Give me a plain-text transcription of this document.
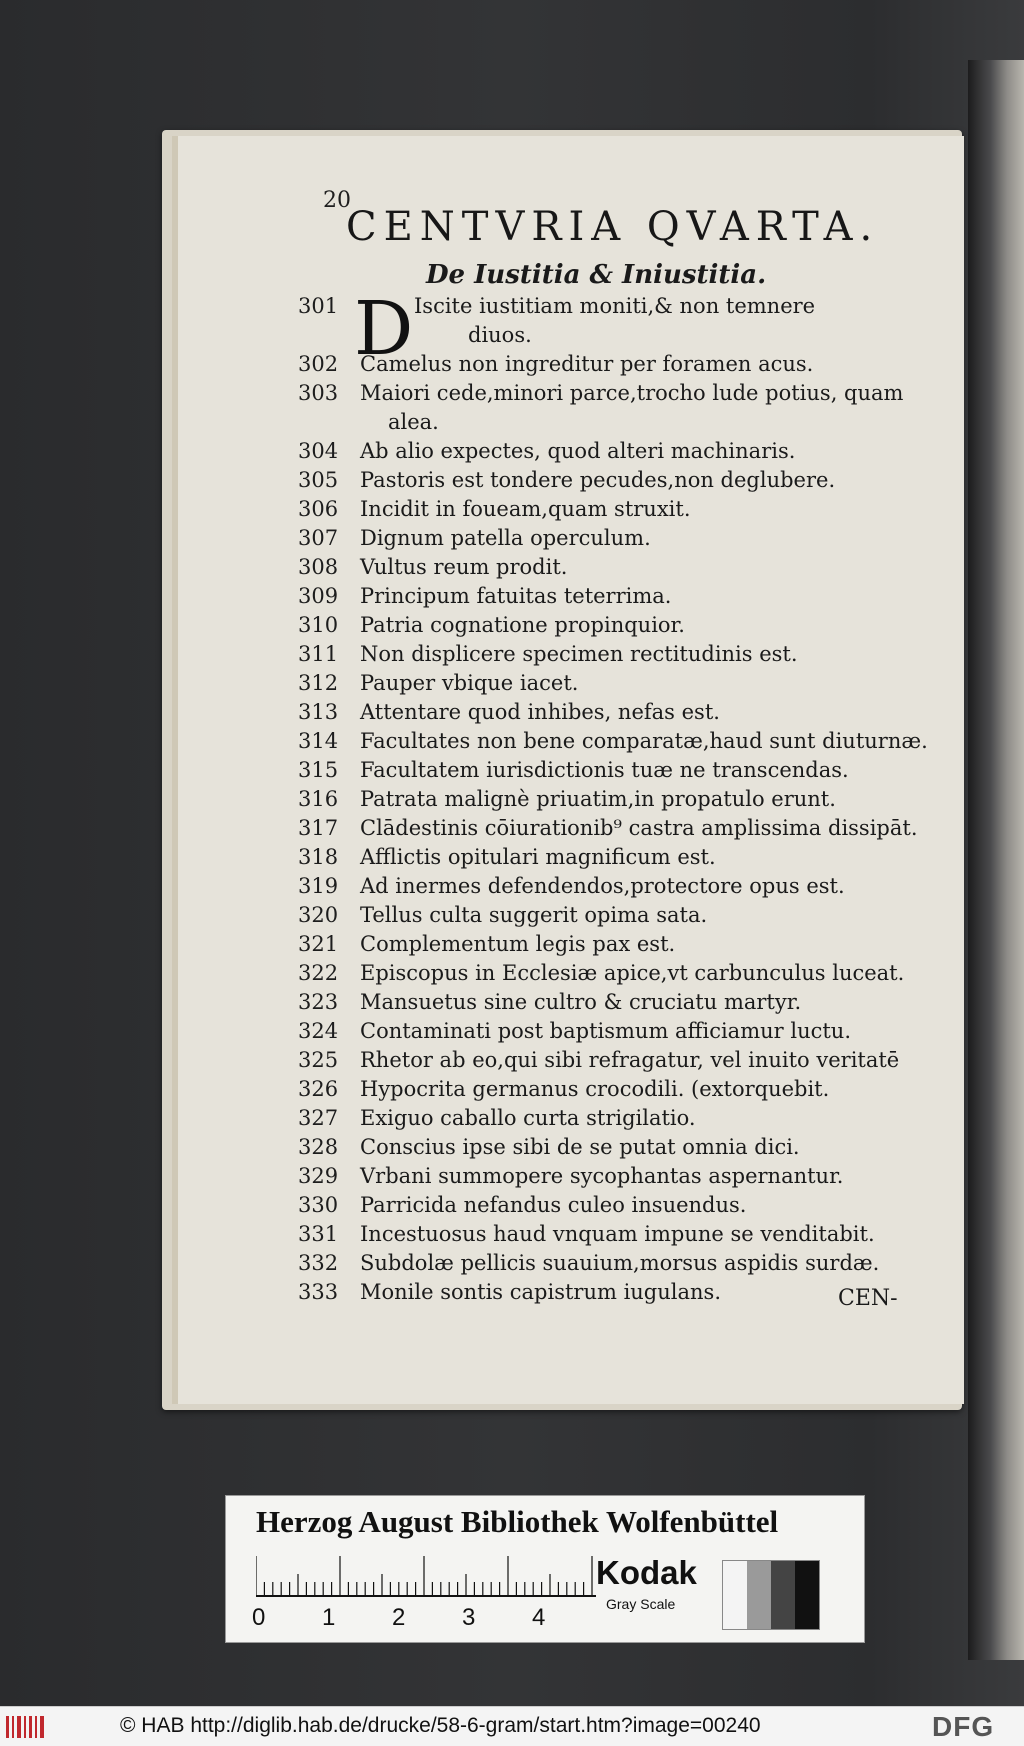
20
CENTVRIA QVARTA.
De Iustitia & Iniustitia.
D
301	Iscite iustitiam moniti,& non temnere
diuos.
302 Camelus non ingreditur per foramen acus.
303 Maiori cede,minori parce,trocho lude potius, quam
alea.
304 Ab alio expectes, quod alteri machinaris.
305 Pastoris est tondere pecudes,non deglubere.
306 Incidit in foueam,quam struxit.
307 Dignum patella operculum.
308 Vultus reum prodit.
309 Principum fatuitas teterrima.
310 Patria cognatione propinquior.
311 Non displicere specimen rectitudinis est.
312 Pauper vbique iacet.
313 Attentare quod inhibes, nefas est.
314 Facultates non bene comparatæ,haud sunt diuturnæ.
315 Facultatem iurisdictionis tuæ ne transcendas.
316 Patrata malignè priuatim,in propatulo erunt.
317 Clādestinis cōiurationib⁹ castra amplissima dissipāt.
318 Afflictis opitulari magnificum est.
319 Ad inermes defendendos,protectore opus est.
320 Tellus culta suggerit opima sata.
321 Complementum legis pax est.
322 Episcopus in Ecclesiæ apice,vt carbunculus luceat.
323 Mansuetus sine cultro & cruciatu martyr.
324 Contaminati post baptismum afficiamur luctu.
325 Rhetor ab eo,qui sibi refragatur, vel inuito veritatē
326 Hypocrita germanus crocodili. (extorquebit.
327 Exiguo caballo curta strigilatio.
328 Conscius ipse sibi de se putat omnia dici.
329 Vrbani summopere sycophantas aspernantur.
330 Parricida nefandus culeo insuendus.
331 Incestuosus haud vnquam impune se venditabit.
332 Subdolæ pellicis suauium,morsus aspidis surdæ.
333 Monile sontis capistrum iugulans.	CEN-
Herzog August Bibliothek Wolfenbüttel
0 1 2 3 4
Kodak
Gray Scale
© HAB http://diglib.hab.de/drucke/58-6-gram/start.htm?image=00240	DFG
